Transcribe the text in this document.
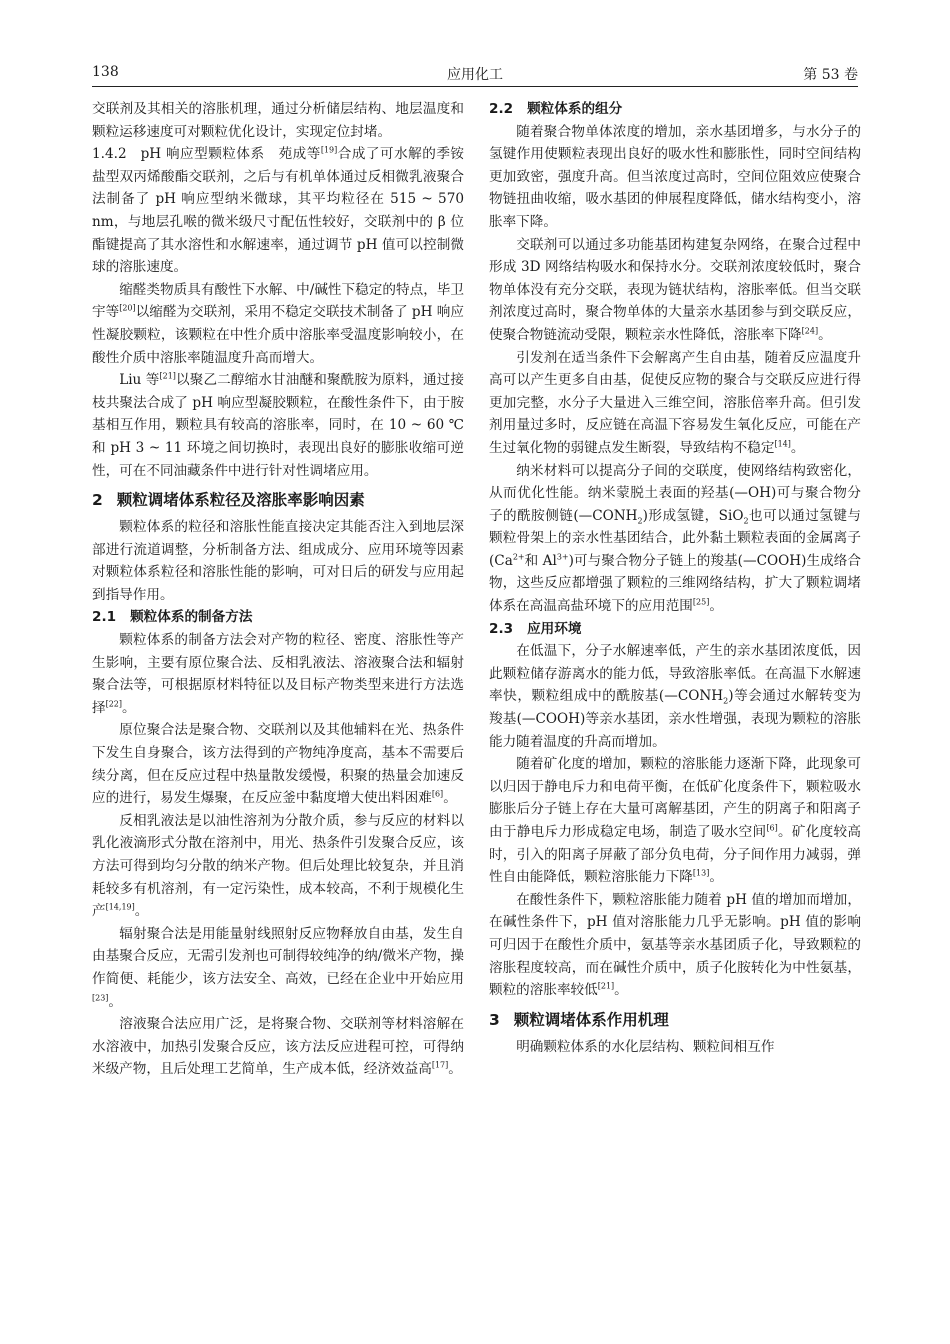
138	应用化工	第 53 卷

交联剂及其相关的溶胀机理，通过分析储层结构、地层温度和颗粒运移速度可对颗粒优化设计，实现定位封堵。

1.4.2 pH 响应型颗粒体系 苑成等[19]合成了可水解的季铵盐型双丙烯酸酯交联剂，之后与有机单体通过反相微乳液聚合法制备了 pH 响应型纳米微球，其平均粒径在 515 ~ 570 nm，与地层孔喉的微米级尺寸配伍性较好，交联剂中的 β 位酯键提高了其水溶性和水解速率，通过调节 pH 值可以控制微球的溶胀速度。

缩醛类物质具有酸性下水解、中/碱性下稳定的特点，毕卫宇等[20]以缩醛为交联剂，采用不稳定交联技术制备了 pH 响应性凝胶颗粒，该颗粒在中性介质中溶胀率受温度影响较小，在酸性介质中溶胀率随温度升高而增大。

Liu 等[21]以聚乙二醇缩水甘油醚和聚酰胺为原料，通过接枝共聚法合成了 pH 响应型凝胶颗粒，在酸性条件下，由于胺基相互作用，颗粒具有较高的溶胀率，同时，在 10 ~ 60 ℃ 和 pH 3 ~ 11 环境之间切换时，表现出良好的膨胀收缩可逆性，可在不同油藏条件中进行针对性调堵应用。

2 颗粒调堵体系粒径及溶胀率影响因素

颗粒体系的粒径和溶胀性能直接决定其能否注入到地层深部进行流道调整，分析制备方法、组成成分、应用环境等因素对颗粒体系粒径和溶胀性能的影响，可对日后的研发与应用起到指导作用。

2.1 颗粒体系的制备方法

颗粒体系的制备方法会对产物的粒径、密度、溶胀性等产生影响，主要有原位聚合法、反相乳液法、溶液聚合法和辐射聚合法等，可根据原材料特征以及目标产物类型来进行方法选择[22]。

原位聚合法是聚合物、交联剂以及其他辅料在光、热条件下发生自身聚合，该方法得到的产物纯净度高，基本不需要后续分离，但在反应过程中热量散发缓慢，积聚的热量会加速反应的进行，易发生爆聚，在反应釜中黏度增大使出料困难[6]。

反相乳液法是以油性溶剂为分散介质，参与反应的材料以乳化液滴形式分散在溶剂中，用光、热条件引发聚合反应，该方法可得到均匀分散的纳米产物。但后处理比较复杂，并且消耗较多有机溶剂，有一定污染性，成本较高，不利于规模化生产[14,19]。

辐射聚合法是用能量射线照射反应物释放自由基，发生自由基聚合反应，无需引发剂也可制得较纯净的纳/微米产物，操作简便、耗能少，该方法安全、高效，已经在企业中开始应用[23]。

溶液聚合法应用广泛，是将聚合物、交联剂等材料溶解在水溶液中，加热引发聚合反应，该方法反应进程可控，可得纳米级产物，且后处理工艺简单，生产成本低，经济效益高[17]。

2.2 颗粒体系的组分

随着聚合物单体浓度的增加，亲水基团增多，与水分子的氢键作用使颗粒表现出良好的吸水性和膨胀性，同时空间结构更加致密，强度升高。但当浓度过高时，空间位阻效应使聚合物链扭曲收缩，吸水基团的伸展程度降低，储水结构变小，溶胀率下降。

交联剂可以通过多功能基团构建复杂网络，在聚合过程中形成 3D 网络结构吸水和保持水分。交联剂浓度较低时，聚合物单体没有充分交联，表现为链状结构，溶胀率低。但当交联剂浓度过高时，聚合物单体的大量亲水基团参与到交联反应，使聚合物链流动受限，颗粒亲水性降低，溶胀率下降[24]。

引发剂在适当条件下会解离产生自由基，随着反应温度升高可以产生更多自由基，促使反应物的聚合与交联反应进行得更加完整，水分子大量进入三维空间，溶胀倍率升高。但引发剂用量过多时，反应链在高温下容易发生氧化反应，可能在产生过氧化物的弱键点发生断裂，导致结构不稳定[14]。

纳米材料可以提高分子间的交联度，使网络结构致密化，从而优化性能。纳米蒙脱土表面的羟基(—OH)可与聚合物分子的酰胺侧链$(—CONH_2)$形成氢键，SiO$_2$也可以通过氢键与颗粒骨架上的亲水性基团结合，此外黏土颗粒表面的金属离子($Ca^{2+}$和 $Al^{3+}$)可与聚合物分子链上的羧基(—COOH)生成络合物，这些反应都增强了颗粒的三维网络结构，扩大了颗粒调堵体系在高温高盐环境下的应用范围[25]。

2.3 应用环境

在低温下，分子水解速率低，产生的亲水基团浓度低，因此颗粒储存游离水的能力低，导致溶胀率低。在高温下水解速率快，颗粒组成中的酰胺基$(—CONH_2)$等会通过水解转变为羧基(—COOH)等亲水基团，亲水性增强，表现为颗粒的溶胀能力随着温度的升高而增加。

随着矿化度的增加，颗粒的溶胀能力逐渐下降，此现象可以归因于静电斥力和电荷平衡，在低矿化度条件下，颗粒吸水膨胀后分子链上存在大量可离解基团，产生的阴离子和阳离子由于静电斥力形成稳定电场，制造了吸水空间[6]。矿化度较高时，引入的阳离子屏蔽了部分负电荷，分子间作用力减弱，弹性自由能降低，颗粒溶胀能力下降[13]。

在酸性条件下，颗粒溶胀能力随着 pH 值的增加而增加，在碱性条件下，pH 值对溶胀能力几乎无影响。pH 值的影响可归因于在酸性介质中，氨基等亲水基团质子化，导致颗粒的溶胀程度较高，而在碱性介质中，质子化胺转化为中性氨基，颗粒的溶胀率较低[21]。

3 颗粒调堵体系作用机理

明确颗粒体系的水化层结构、颗粒间相互作
